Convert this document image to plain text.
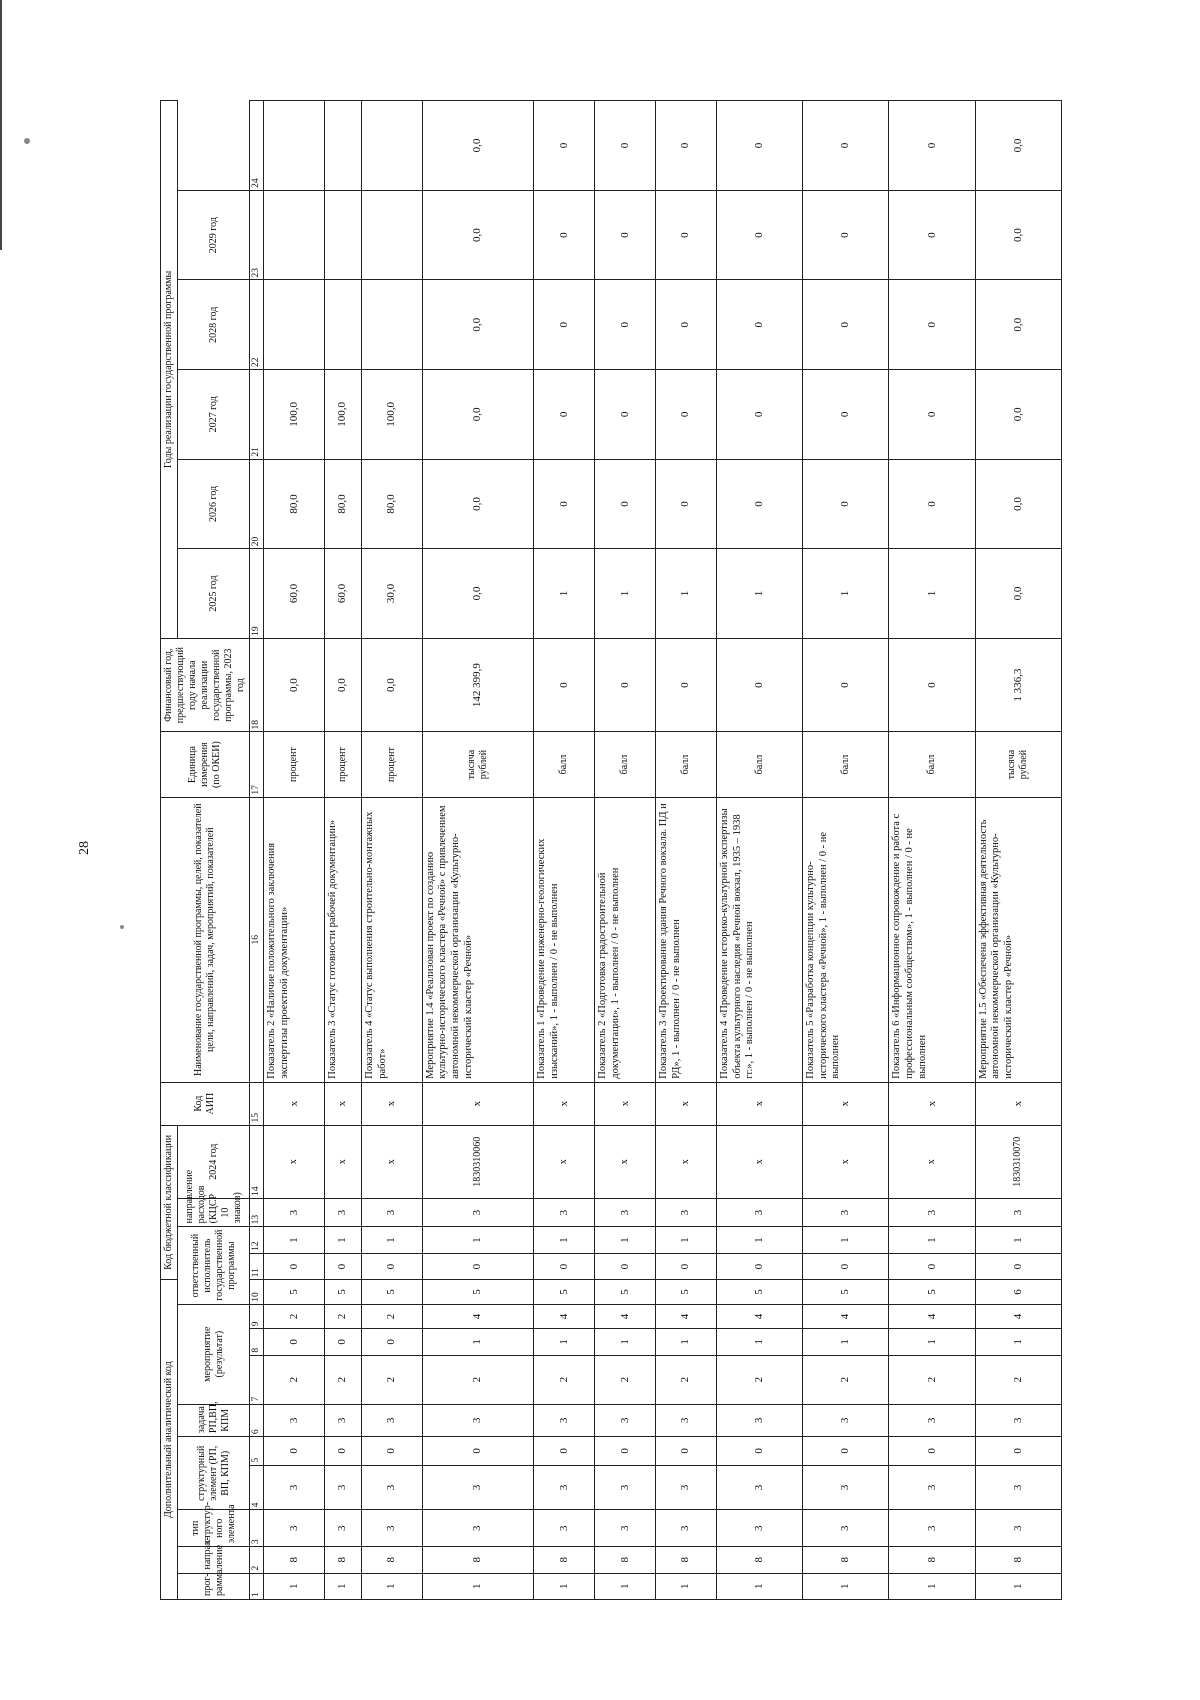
28
Дополнительный аналитический код										Код бюджетной классификации				Код АИП	Наименование государственной программы, целей, показателей цели, направлений, задач, мероприятий, показателей	Единица измерения (по ОКЕИ)	Финансовый год, предшествующий году начала реализации государственной программы, 2023 год	Годы реализации государственной программы					
прог-рамма	направ-ление	тип структур-ного элемента	структурный элемент (РП, ВП, КПМ)		задача РП,ВП, КПМ	мероприятие (результат)			ответственный исполнитель государственной программы			направление расходов (КЦСР 10 знаков)	2024 год					2025 год	2026 год	2027 год	2028 год	2029 год	

1	2	3	4	5	6	7	8	9	10	11	12	13	14	15	16	17	18	19	20	21	22	23	24
1	8	3	3	0	3	2	0	2	5	0	1	3	x	x	Показатель 2 «Наличие положительного заключения экспертизы проектной документации»	процент	0,0	60,0	80,0	100,0			
1	8	3	3	0	3	2	0	2	5	0	1	3	x	x	Показатель 3 «Статус готовности рабочей документации»	процент	0,0	60,0	80,0	100,0			
1	8	3	3	0	3	2	0	2	5	0	1	3	x	x	Показатель 4 «Статус выполнения строительно-монтажных работ»	процент	0,0	30,0	80,0	100,0			
1	8	3	3	0	3	2	1	4	5	0	1	3	1830310060	x	Мероприятие 1.4 «Реализован проект по созданию культурно-исторического кластера «Речной» с привлечением автономной некоммерческой организации «Культурно-исторический кластер «Речной»	тысяча рублей	142 399,9	0,0	0,0	0,0	0,0	0,0	0,0
1	8	3	3	0	3	2	1	4	5	0	1	3	x	x	Показатель 1 «Проведение инженерно-геологических изысканий», 1 - выполнен / 0 - не выполнен	балл	0	1	0	0	0	0	0
1	8	3	3	0	3	2	1	4	5	0	1	3	x	x	Показатель 2 «Подготовка градостроительной документации», 1 - выполнен / 0 - не выполнен	балл	0	1	0	0	0	0	0
1	8	3	3	0	3	2	1	4	5	0	1	3	x	x	Показатель 3 «Проектирование здания Речного вокзала. ПД и РД», 1 - выполнен / 0 - не выполнен	балл	0	1	0	0	0	0	0
1	8	3	3	0	3	2	1	4	5	0	1	3	x	x	Показатель 4 «Проведение историко-культурной экспертизы объекта культурного наследия «Речной вокзал, 1935 – 1938 гг.», 1 - выполнен / 0 - не выполнен	балл	0	1	0	0	0	0	0
1	8	3	3	0	3	2	1	4	5	0	1	3	x	x	Показатель 5 «Разработка концепции культурно-исторического кластера «Речной», 1 - выполнен / 0 - не выполнен	балл	0	1	0	0	0	0	0
1	8	3	3	0	3	2	1	4	5	0	1	3	x	x	Показатель 6 «Информационное сопровождение и работа с профессиональным сообществом», 1 - выполнен / 0 - не выполнен	балл	0	1	0	0	0	0	0
1	8	3	3	0	3	2	1	4	6	0	1	3	1830310070	x	Мероприятие 1.5 «Обеспечена эффективная деятельность автономной некоммерческой организации «Культурно-исторический кластер «Речной»	тысяча рублей	1 336,3	0,0	0,0	0,0	0,0	0,0	0,0
